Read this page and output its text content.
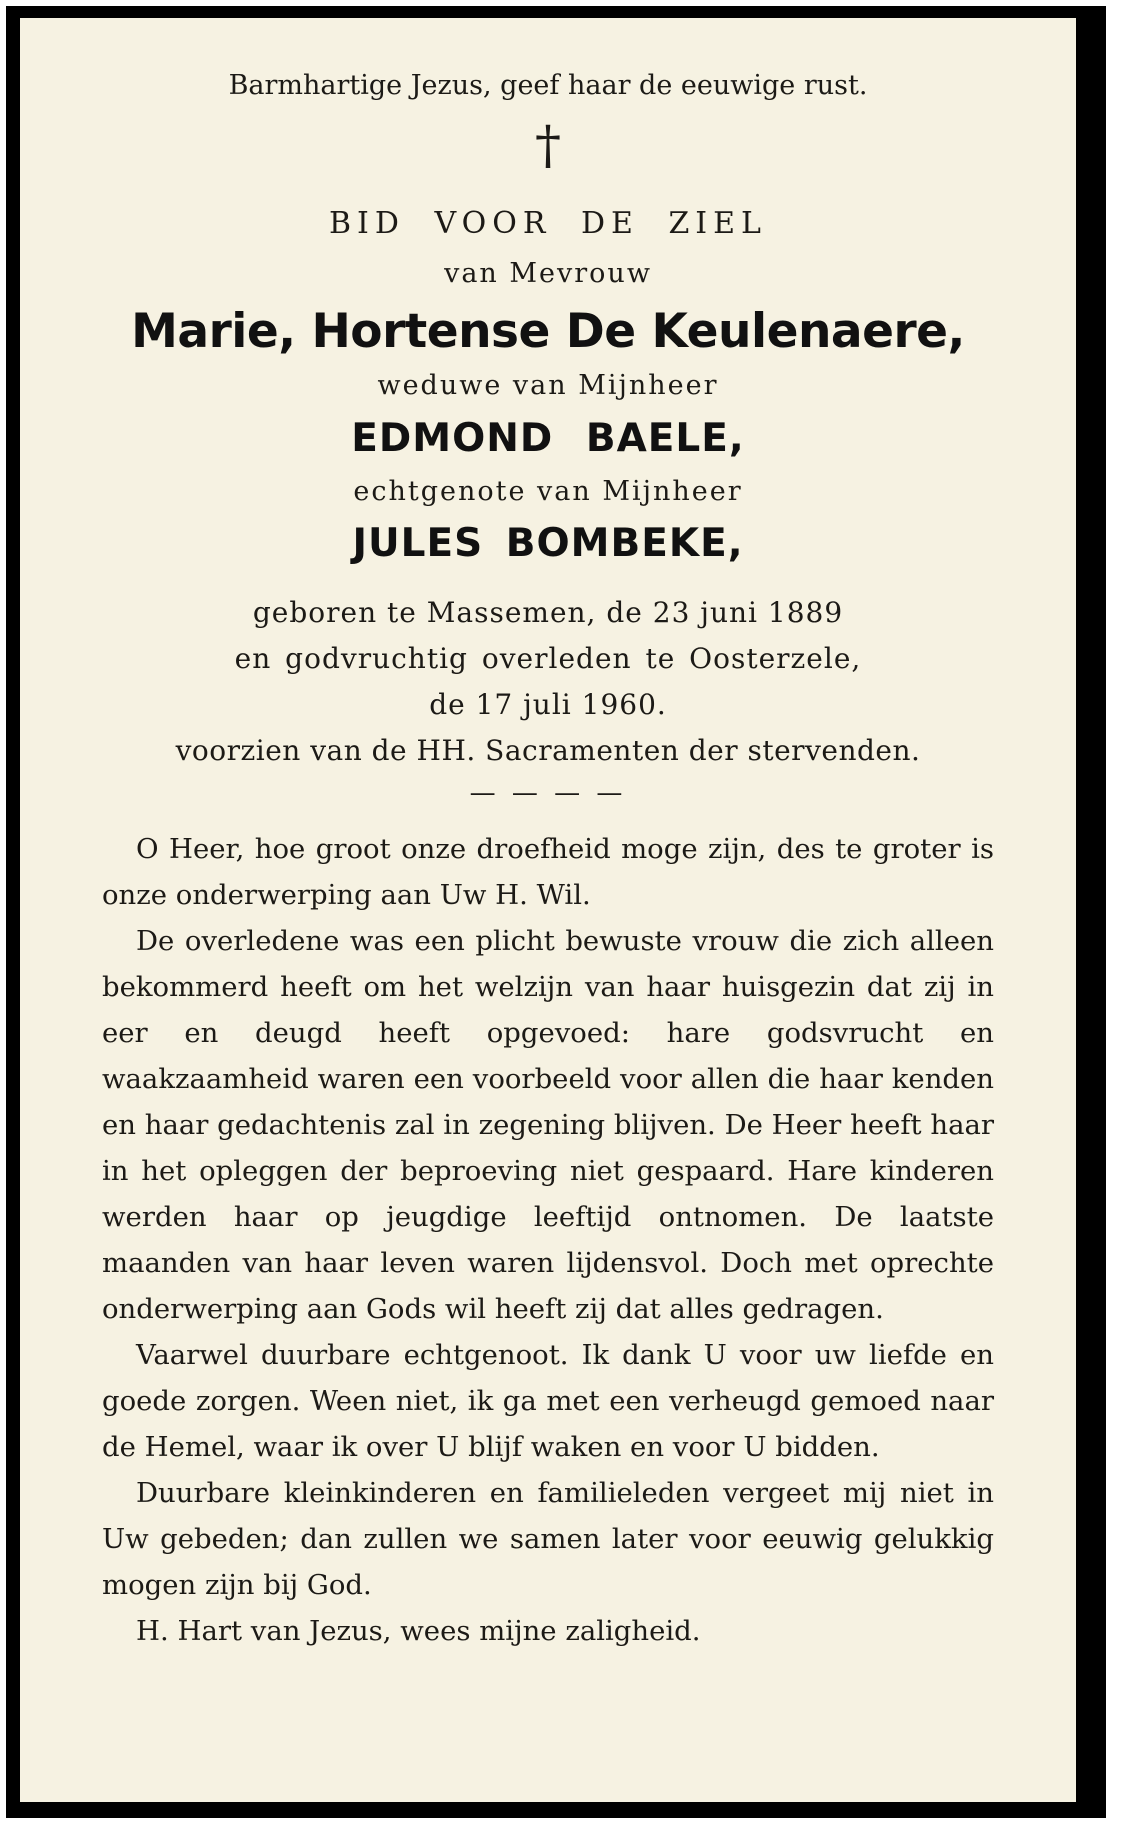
Barmhartige Jezus, geef haar de eeuwige rust.
†
BID VOOR DE ZIEL
van Mevrouw
Marie, Hortense De Keulenaere,
weduwe van Mijnheer
EDMOND BAELE,
echtgenote van Mijnheer
JULES BOMBEKE,
geboren te Massemen, de 23 juni 1889
en godvruchtig overleden te Oosterzele,
de 17 juli 1960.
voorzien van de HH. Sacramenten der stervenden.
— — — —

O Heer, hoe groot onze droefheid moge zijn, des te groter is onze onderwerping aan Uw H. Wil.

De overledene was een plicht bewuste vrouw die zich alleen bekommerd heeft om het welzijn van haar huisgezin dat zij in eer en deugd heeft opgevoed: hare godsvrucht en waakzaamheid waren een voorbeeld voor allen die haar kenden en haar gedachtenis zal in zegening blijven. De Heer heeft haar in het opleggen der beproeving niet gespaard. Hare kinderen werden haar op jeugdige leeftijd ontnomen. De laatste maanden van haar leven waren lijdensvol. Doch met oprechte onderwerping aan Gods wil heeft zij dat alles gedragen.

Vaarwel duurbare echtgenoot. Ik dank U voor uw liefde en goede zorgen. Ween niet, ik ga met een verheugd gemoed naar de Hemel, waar ik over U blijf waken en voor U bidden.

Duurbare kleinkinderen en familieleden vergeet mij niet in Uw gebeden; dan zullen we samen later voor eeuwig gelukkig mogen zijn bij God.

H. Hart van Jezus, wees mijne zaligheid.
